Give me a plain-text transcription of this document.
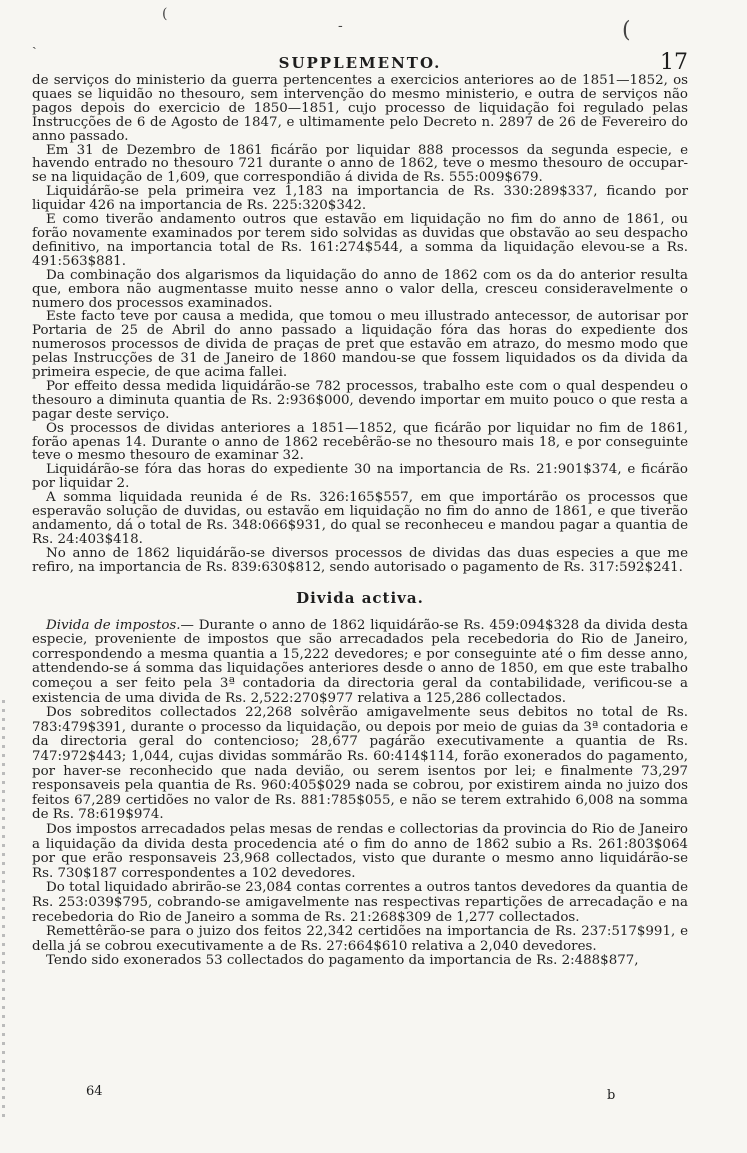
ˎ
(
-	(
SUPPLEMENTO.	17

de serviços do ministerio da guerra pertencentes a exercicios anteriores ao de 1851—1852, os quaes se liquidão no thesouro, sem intervenção do mesmo ministerio, e outra de serviços não pagos depois do exercicio de 1850—1851, cujo processo de liquidação foi regulado pelas Instrucções de 6 de Agosto de 1847, e ultimamente pelo Decreto n. 2897 de 26 de Fevereiro do anno passado.

Em 31 de Dezembro de 1861 ficárão por liquidar 888 processos da segunda especie, e havendo entrado no thesouro 721 durante o anno de 1862, teve o mesmo thesouro de occupar-se na liquidação de 1,609, que correspondião á divida de Rs. 555:009$679.

Liquidárão-se pela primeira vez 1,183 na importancia de Rs. 330:289$337, ficando por liquidar 426 na importancia de Rs. 225:320$342.

E como tiverão andamento outros que estavão em liquidação no fim do anno de 1861, ou forão novamente examinados por terem sido solvidas as duvidas que obstavão ao seu despacho definitivo, na importancia total de Rs. 161:274$544, a somma da liquidação elevou-se a Rs. 491:563$881.

Da combinação dos algarismos da liquidação do anno de 1862 com os da do anterior resulta que, embora não augmentasse muito nesse anno o valor della, cresceu consideravelmente o numero dos processos examinados.

Este facto teve por causa a medida, que tomou o meu illustrado antecessor, de autorisar por Portaria de 25 de Abril do anno passado a liquidação fóra das horas do expediente dos numerosos processos de divida de praças de pret que estavão em atrazo, do mesmo modo que pelas Instrucções de 31 de Janeiro de 1860 mandou-se que fossem liquidados os da divida da primeira especie, de que acima fallei.

Por effeito dessa medida liquidárão-se 782 processos, trabalho este com o qual despendeu o thesouro a diminuta quantia de Rs. 2:936$000, devendo importar em muito pouco o que resta a pagar deste serviço.

Os processos de dividas anteriores a 1851—1852, que ficárão por liquidar no fim de 1861, forão apenas 14. Durante o anno de 1862 recebêrão-se no thesouro mais 18, e por conseguinte teve o mesmo thesouro de examinar 32.

Liquidárão-se fóra das horas do expediente 30 na importancia de Rs. 21:901$374, e ficárão por liquidar 2.

A somma liquidada reunida é de Rs. 326:165$557, em que importárão os processos que esperavão solução de duvidas, ou estavão em liquidação no fim do anno de 1861, e que tiverão andamento, dá o total de Rs. 348:066$931, do qual se reconheceu e mandou pagar a quantia de Rs. 24:403$418.

No anno de 1862 liquidárão-se diversos processos de dividas das duas especies a que me refiro, na importancia de Rs. 839:630$812, sendo autorisado o pagamento de Rs. 317:592$241.

Divida activa.

Divida de impostos.— Durante o anno de 1862 liquidárão-se Rs. 459:094$328 da divida desta especie, proveniente de impostos que são arrecadados pela recebedoria do Rio de Janeiro, correspondendo a mesma quantia a 15,222 devedores; e por conseguinte até o fim desse anno, attendendo-se á somma das liquidações anteriores desde o anno de 1850, em que este trabalho começou a ser feito pela 3ª contadoria da directoria geral da contabilidade, verificou-se a existencia de uma divida de Rs. 2,522:270$977 relativa a 125,286 collectados.

Dos sobreditos collectados 22,268 solvêrão amigavelmente seus debitos no total de Rs. 783:479$391, durante o processo da liquidação, ou depois por meio de guias da 3ª contadoria e da directoria geral do contencioso; 28,677 pagárão executivamente a quantia de Rs. 747:972$443; 1,044, cujas dividas sommárão Rs. 60:414$114, forão exonerados do pagamento, por haver-se reconhecido que nada devião, ou serem isentos por lei; e finalmente 73,297 responsaveis pela quantia de Rs. 960:405$029 nada se cobrou, por existirem ainda no juizo dos feitos 67,289 certidões no valor de Rs. 881:785$055, e não se terem extrahido 6,008 na somma de Rs. 78:619$974.

Dos impostos arrecadados pelas mesas de rendas e collectorias da provincia do Rio de Janeiro a liquidação da divida desta procedencia até o fim do anno de 1862 subio a Rs. 261:803$064 por que erão responsaveis 23,968 collectados, visto que durante o mesmo anno liquidárão-se Rs. 730$187 correspondentes a 102 devedores.

Do total liquidado abrirão-se 23,084 contas correntes a outros tantos devedores da quantia de Rs. 253:039$795, cobrando-se amigavelmente nas respectivas repartições de arrecadação e na recebedoria do Rio de Janeiro a somma de Rs. 21:268$309 de 1,277 collectados.

Remettêrão-se para o juizo dos feitos 22,342 certidões na importancia de Rs. 237:517$991, e della já se cobrou executivamente a de Rs. 27:664$610 relativa a 2,040 devedores.

Tendo sido exonerados 53 collectados do pagamento da importancia de Rs. 2:488$877,

64	b
